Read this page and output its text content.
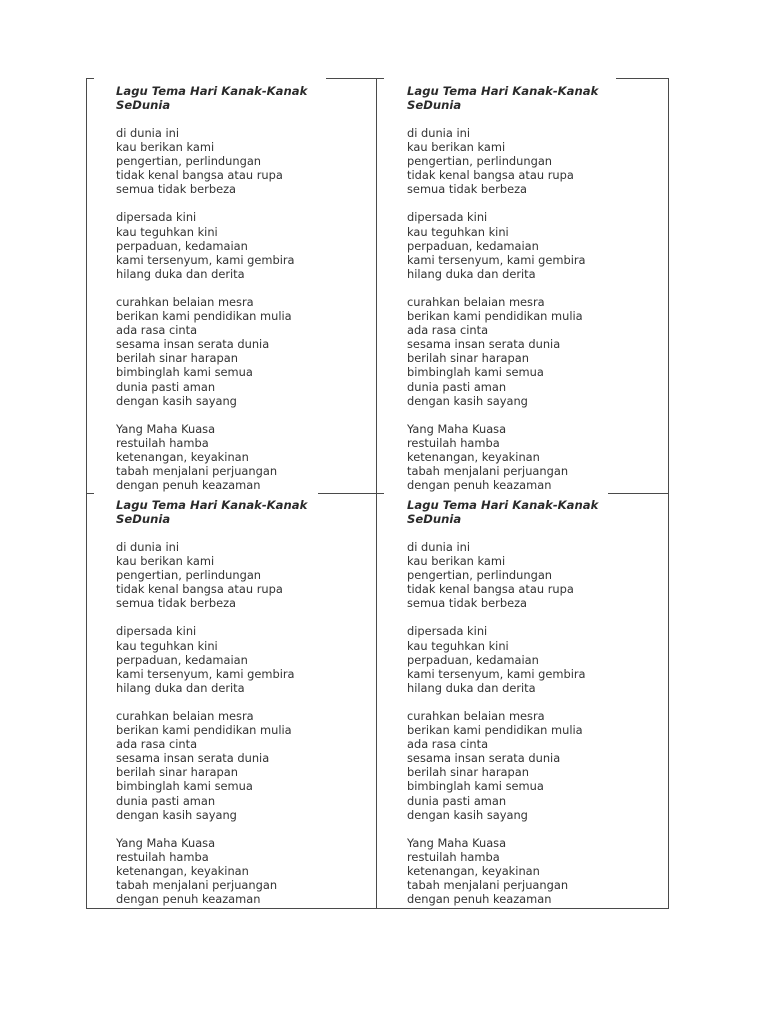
Lagu Tema Hari Kanak-Kanak
SeDunia
di dunia ini
kau berikan kami
pengertian, perlindungan
tidak kenal bangsa atau rupa
semua tidak berbeza
dipersada kini
kau teguhkan kini
perpaduan, kedamaian
kami tersenyum, kami gembira
hilang duka dan derita
curahkan belaian mesra
berikan kami pendidikan mulia
ada rasa cinta
sesama insan serata dunia
berilah sinar harapan
bimbinglah kami semua
dunia pasti aman
dengan kasih sayang
Yang Maha Kuasa
restuilah hamba
ketenangan, keyakinan
tabah menjalani perjuangan
dengan penuh keazaman
Lagu Tema Hari Kanak-Kanak
SeDunia
di dunia ini
kau berikan kami
pengertian, perlindungan
tidak kenal bangsa atau rupa
semua tidak berbeza
dipersada kini
kau teguhkan kini
perpaduan, kedamaian
kami tersenyum, kami gembira
hilang duka dan derita
curahkan belaian mesra
berikan kami pendidikan mulia
ada rasa cinta
sesama insan serata dunia
berilah sinar harapan
bimbinglah kami semua
dunia pasti aman
dengan kasih sayang
Yang Maha Kuasa
restuilah hamba
ketenangan, keyakinan
tabah menjalani perjuangan
dengan penuh keazaman
Lagu Tema Hari Kanak-Kanak
SeDunia
di dunia ini
kau berikan kami
pengertian, perlindungan
tidak kenal bangsa atau rupa
semua tidak berbeza
dipersada kini
kau teguhkan kini
perpaduan, kedamaian
kami tersenyum, kami gembira
hilang duka dan derita
curahkan belaian mesra
berikan kami pendidikan mulia
ada rasa cinta
sesama insan serata dunia
berilah sinar harapan
bimbinglah kami semua
dunia pasti aman
dengan kasih sayang
Yang Maha Kuasa
restuilah hamba
ketenangan, keyakinan
tabah menjalani perjuangan
dengan penuh keazaman
Lagu Tema Hari Kanak-Kanak
SeDunia
di dunia ini
kau berikan kami
pengertian, perlindungan
tidak kenal bangsa atau rupa
semua tidak berbeza
dipersada kini
kau teguhkan kini
perpaduan, kedamaian
kami tersenyum, kami gembira
hilang duka dan derita
curahkan belaian mesra
berikan kami pendidikan mulia
ada rasa cinta
sesama insan serata dunia
berilah sinar harapan
bimbinglah kami semua
dunia pasti aman
dengan kasih sayang
Yang Maha Kuasa
restuilah hamba
ketenangan, keyakinan
tabah menjalani perjuangan
dengan penuh keazaman
